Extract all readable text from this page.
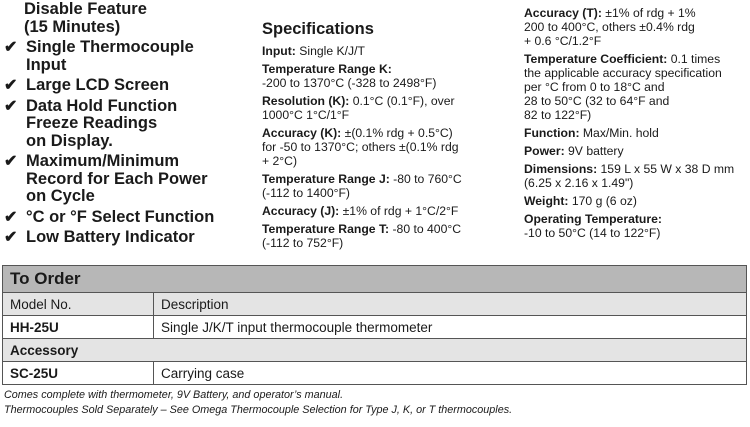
Disable Feature
(15 Minutes)
✔ Single Thermocouple
Input
✔ Large LCD Screen
✔ Data Hold Function
Freeze Readings
on Display.
✔ Maximum/Minimum
Record for Each Power
on Cycle
✔ °C or °F Select Function
✔ Low Battery Indicator
Specifications
Input: Single K/J/T
Temperature Range K:
-200 to 1370°C (-328 to 2498°F)
Resolution (K): 0.1°C (0.1°F), over
1000°C 1°C/1°F
Accuracy (K): ±(0.1% rdg + 0.5°C)
for -50 to 1370°C; others ±(0.1% rdg
+ 2°C)
Temperature Range J: -80 to 760°C
(-112 to 1400°F)
Accuracy (J): ±1% of rdg + 1°C/2°F
Temperature Range T: -80 to 400°C
(-112 to 752°F)
Accuracy (T): ±1% of rdg + 1%
200 to 400°C, others ±0.4% rdg
+ 0.6 °C/1.2°F
Temperature Coefficient: 0.1 times
the applicable accuracy specification
per °C from 0 to 18°C and
28 to 50°C (32 to 64°F and
82 to 122°F)
Function: Max/Min. hold
Power: 9V battery
Dimensions: 159 L x 55 W x 38 D mm
(6.25 x 2.16 x 1.49")
Weight: 170 g (6 oz)
Operating Temperature:
-10 to 50°C (14 to 122°F)
To Order	
Model No.	Description
HH-25U	Single J/K/T input thermocouple thermometer
Accessory	
SC-25U	Carrying case
Comes complete with thermometer, 9V Battery, and operator’s manual.
Thermocouples Sold Separately – See Omega Thermocouple Selection for Type J, K, or T thermocouples.
